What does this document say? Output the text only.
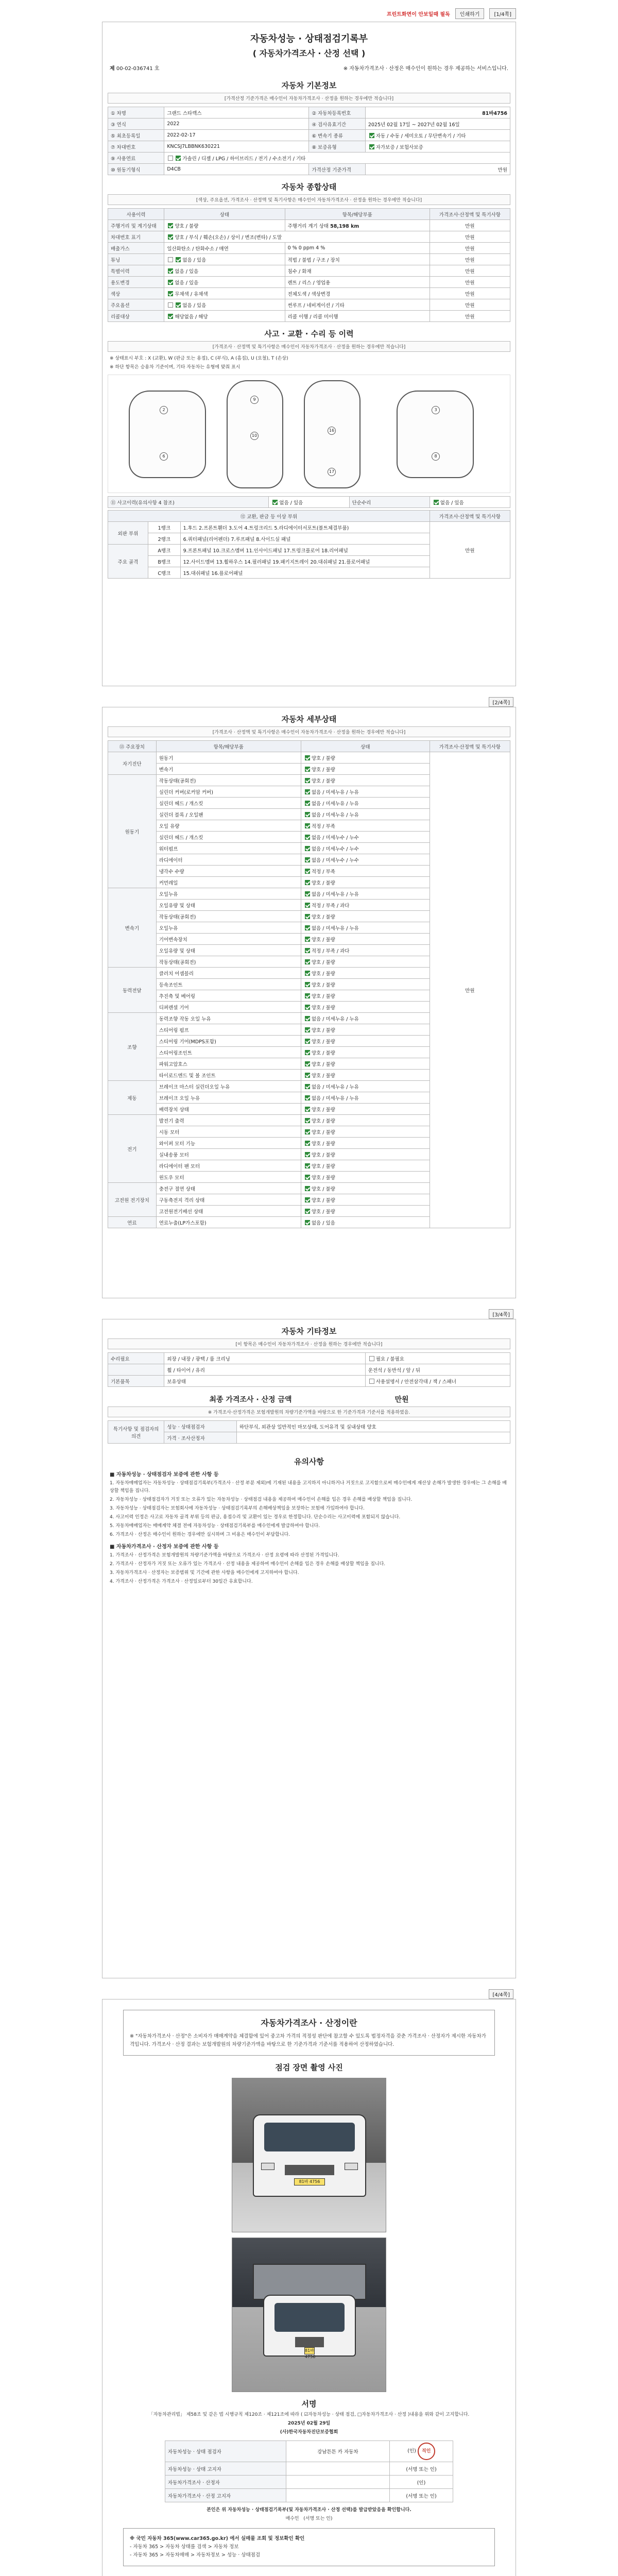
프린트화면이 안보일때 필독	인쇄하기	[1/4쪽]
자동차성능 · 상태점검기록부
( 자동차가격조사 · 산정 선택 )
제 00-02-036741 호	※ 자동차가격조사 · 산정은 매수인이 원하는 경우 제공하는 서비스입니다.
자동차 기본정보
[가격산정 기준가격은 매수인이 자동차가격조사 · 산정을 원하는 경우에만 적습니다]
① 차명	그랜드 스타렉스	② 자동차등록번호	81바4756
③ 연식	2022	④ 검사유효기간	2025년 02월 17일 ~ 2027년 02월 16일
⑤ 최초등록일	2022-02-17	⑥ 변속기 종류	자동 / 수동 / 세미오토 / 무단변속기 / 기타
⑦ 차대번호	KNCSJ7LBBNK630221	⑧ 보증유형	자가보증 / 보험사보증
⑨ 사용연료	가솔린 / 디젤 / LPG / 하이브리드 / 전기 / 수소전기 / 기타		
⑩ 원동기형식	D4CB	가격산정 기준가격	만원
자동차 종합상태
[색상, 주요옵션, 가격조사 · 산정액 및 특기사항은 매수인이 자동차가격조사 · 산정을 원하는 경우에만 적습니다]
사용이력	상태	항목/해당부품	가격조사·산정액 및 특기사항
주행거리 및 계기상태	양호 / 불량	주행거리 계기 상태 58,198 km	만원
차대번호 표기	양호 / 부식 / 훼손(오손) / 상이 / 변조(변타) / 도말		만원
배출가스	일산화탄소 / 탄화수소 / 매연	0 % 0 ppm 4 %	만원
튜닝	없음 / 있음	적법 / 불법 / 구조 / 장치	만원
특별이력	없음 / 있음	침수 / 화재	만원
용도변경	없음 / 있음	렌트 / 리스 / 영업용	만원
색상	무채색 / 유채색	전체도색 / 색상변경	만원
주요옵션	없음 / 있음	썬루프 / 네비게이션 / 기타	만원
리콜대상	해당없음 / 해당	리콜 이행 / 리콜 미이행	만원
사고 · 교환 · 수리 등 이력
[가격조사 · 산정액 및 특기사항은 매수인이 자동차가격조사 · 산정을 원하는 경우에만 적습니다]

※ 상태표시 부호 : X (교환), W (판금 또는 용접), C (부식), A (흠집), U (요철), T (손상)

※ 하단 항목은 승용차 기준이며, 기타 자동차는 유형에 맞춰 표시

2
6
9
10
16
17
3
8
⑪ 사고이력(유의사항 4 참조)	없음 / 있음	단순수리	없음 / 있음
⑫ 교환, 판금 등 이상 부위			가격조사·산정액 및 특기사항
외판 부위	1랭크	1.후드 2.프론트휀더 3.도어 4.트렁크리드 5.라디에이터서포트(볼트체결부품)	만원
	2랭크	6.쿼터패널(리어펜더) 7.루프패널 8.사이드실 패널	
주요 골격	A랭크	9.프론트패널 10.크로스멤버 11.인사이드패널 17.트렁크플로어 18.리어패널	
	B랭크	12.사이드멤버 13.휠하우스 14.필러패널 19.패키지트레이 20.대쉬패널 21.플로어패널	
	C랭크	15.대쉬패널 16.플로어패널	
[2/4쪽]
자동차 세부상태
[가격조사 · 산정액 및 특기사항은 매수인이 자동차가격조사 · 산정을 원하는 경우에만 적습니다]
⑬ 주요장치	항목/해당부품	상태	가격조사·산정액 및 특기사항
자기진단	원동기	양호 / 불량	만원
	변속기	양호 / 불량	
원동기	작동상태(공회전)	양호 / 불량	
	실린더 커버(로커암 커버)	없음 / 미세누유 / 누유	
	실린더 헤드 / 개스킷	없음 / 미세누유 / 누유	
	실린더 블록 / 오일팬	없음 / 미세누유 / 누유	
	오일 유량	적정 / 부족	
	실린더 헤드 / 개스킷	없음 / 미세누수 / 누수	
	워터펌프	없음 / 미세누수 / 누수	
	라디에이터	없음 / 미세누수 / 누수	
	냉각수 수량	적정 / 부족	
	커먼레일	양호 / 불량	
변속기	오일누유	없음 / 미세누유 / 누유	
	오일유량 및 상태	적정 / 부족 / 과다	
	작동상태(공회전)	양호 / 불량	
	오일누유	없음 / 미세누유 / 누유	
	기어변속장치	양호 / 불량	
	오일유량 및 상태	적정 / 부족 / 과다	
	작동상태(공회전)	양호 / 불량	
동력전달	클러치 어셈블리	양호 / 불량	
	등속조인트	양호 / 불량	
	추진축 및 베어링	양호 / 불량	
	디퍼렌셜 기어	양호 / 불량	
조향	동력조향 작동 오일 누유	없음 / 미세누유 / 누유	
	스티어링 펌프	양호 / 불량	
	스티어링 기어(MDPS포함)	양호 / 불량	
	스티어링조인트	양호 / 불량	
	파워고압호스	양호 / 불량	
	타이로드엔드 및 볼 조인트	양호 / 불량	
제동	브레이크 마스터 실린더오일 누유	없음 / 미세누유 / 누유	
	브레이크 오일 누유	없음 / 미세누유 / 누유	
	배력장치 상태	양호 / 불량	
전기	발전기 출력	양호 / 불량	
	시동 모터	양호 / 불량	
	와이퍼 모터 기능	양호 / 불량	
	실내송풍 모터	양호 / 불량	
	라디에이터 팬 모터	양호 / 불량	
	윈도우 모터	양호 / 불량	
고전원 전기장치	충전구 절연 상태	양호 / 불량	
	구동축전지 격리 상태	양호 / 불량	
	고전원전기배선 상태	양호 / 불량	
연료	연료누출(LP가스포함)	없음 / 있음	
[3/4쪽]
자동차 기타정보
[이 항목은 매수인이 자동차가격조사 · 산정을 원하는 경우에만 적습니다]
수리필요	외장 / 내장 / 광택 / 룸 크리닝	필요 / 불필요
	휠 / 타이어 / 유리	운전석 / 동반석 / 앞 / 뒤
기본품목	보유상태	사용설명서 / 안전삼각대 / 잭 / 스패너
최종 가격조사 · 산정 금액	만원
※ 가격조사·산정가격은 보험개발원의 차량기준가액을 바탕으로 한 기준가격과 기준서를 적용하였음.
특기사항 및 점검자의 의견	성능 · 상태점검자	하단부식, 외관상 일반적인 마모상태, 도어유격 및 실내상태 양호
	가격 · 조사산정자	
유의사항

■ 자동차성능 · 상태점검자 보증에 관한 사항 등

1. 자동차매매업자는 자동차성능 · 상태점검기록부(가격조사 · 산정 부분 제외)에 기재된 내용을 고지하지 아니하거나 거짓으로 고지함으로써 매수인에게 재산상 손해가 발생한 경우에는 그 손해를 배상할 책임을 집니다.

2. 자동차성능 · 상태점검자가 거짓 또는 오류가 있는 자동차성능 · 상태점검 내용을 제공하여 매수인이 손해를 입은 경우 손해를 배상할 책임을 집니다.

3. 자동차성능 · 상태점검자는 보험회사에 자동차성능 · 상태점검기록부의 손해배상책임을 보장하는 보험에 가입하여야 합니다.

4. 사고이력 인정은 사고로 자동차 골격 부위 등의 판금, 용접수리 및 교환이 있는 경우로 한정합니다. 단순수리는 사고이력에 포함되지 않습니다.

5. 자동차매매업자는 매매계약 체결 전에 자동차성능 · 상태점검기록부를 매수인에게 발급하여야 합니다.

6. 가격조사 · 산정은 매수인이 원하는 경우에만 실시하며 그 비용은 매수인이 부담합니다.

■ 자동차가격조사 · 산정자 보증에 관한 사항 등

1. 가격조사 · 산정가격은 보험개발원의 차량기준가액을 바탕으로 가격조사 · 산정 요령에 따라 산정된 가격입니다.

2. 가격조사 · 산정자가 거짓 또는 오류가 있는 가격조사 · 산정 내용을 제공하여 매수인이 손해를 입은 경우 손해를 배상할 책임을 집니다.

3. 자동차가격조사 · 산정자는 보증범위 및 기간에 관한 사항을 매수인에게 고지하여야 합니다.

4. 가격조사 · 산정가격은 가격조사 · 산정일로부터 30일간 유효합니다.

[4/4쪽]
자동차가격조사 · 산정이란
※ "자동차가격조사 · 산정"은 소비자가 매매계약을 체결함에 있어 중고차 가격의 적정성 판단에 참고할 수 있도록 법정자격을 갖춘 가격조사 · 산정자가 제시한 자동차가격입니다. 가격조사 · 산정 결과는 보험개발원의 차량기준가액을 바탕으로 한 기준가격과 기준서를 적용하여 산정하였습니다.
점검 장면 촬영 사진
81바 4756
81바 4756
서명

「자동차관리법」 제58조 및 같은 법 시행규칙 제120조 · 제121조에 따라 ( ☑자동차성능 · 상태 점검, □자동차가격조사 · 산정 )내용을 위와 같이 고지합니다.

2025년 02월 29일

(사)한국자동차진단보증협회

자동차성능 · 상태 점검자	강남튼튼 카 자동차	(인) 직인
자동차성능 · 상태 고지자		(서명 또는 인)
자동차가격조사 · 산정자		(인)
자동차가격조사 · 산정 고지자		(서명 또는 인)

본인은 위 자동차성능 · 상태점검기록부(및 자동차가격조사 · 산정 선택)를 발급받았음을 확인합니다.

매수인 (서명 또는 인)

※ 국민 자동차 365(www.car365.go.kr) 에서 실매물 조회 및 정보확인 확인
- 자동차 365 > 자동차 상태를 검색 > 자동차 정보
- 자동차 365 > 자동차매매 > 자동차정보 > 성능 · 상태점검
